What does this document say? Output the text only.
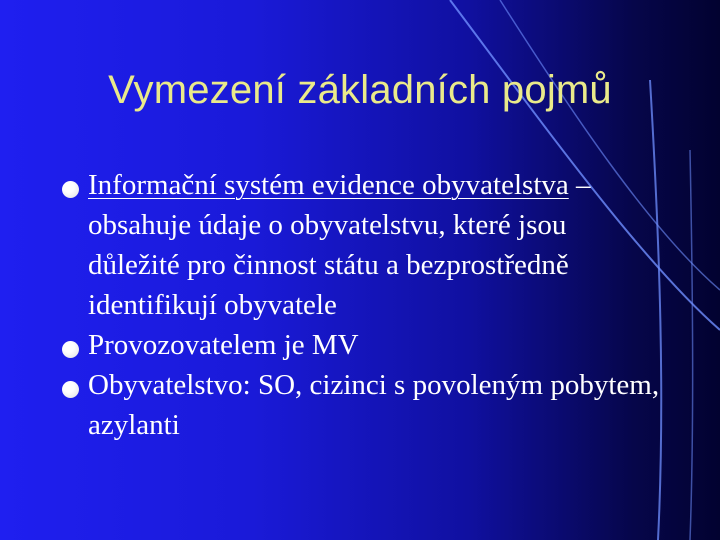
Vymezení základních pojmů

Informační systém evidence obyvatelstva – obsahuje údaje o obyvatelstvu, které jsou důležité pro činnost státu a bezprostředně identifikují obyvatele

Provozovatelem je MV

Obyvatelstvo: SO, cizinci s povoleným pobytem, azylanti
